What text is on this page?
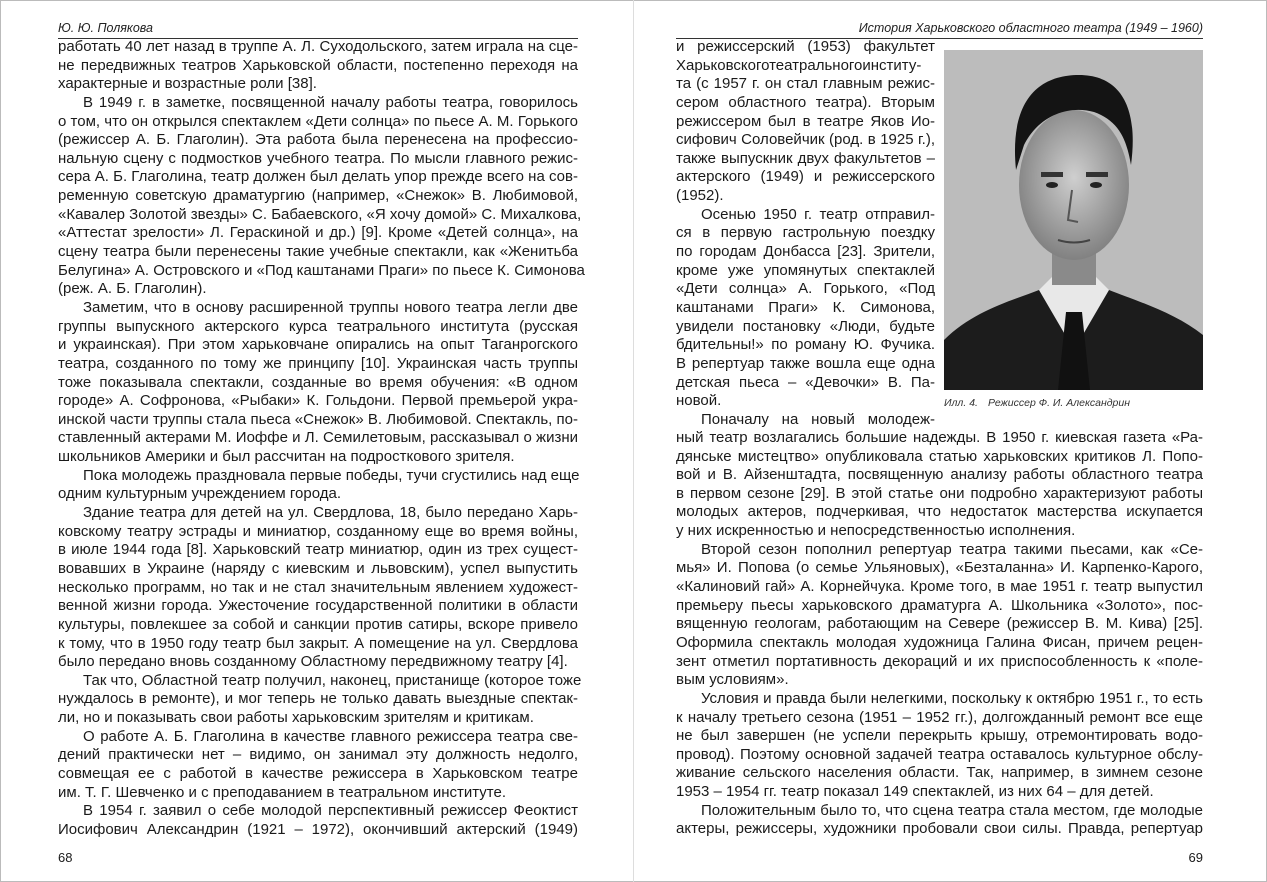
Ю. Ю. Полякова
работать 40 лет назад в труппе А. Л. Суходольского, затем играла на сце-
не передвижных театров Харьковской области, постепенно переходя на
характерные и возрастные роли [38].
В 1949 г. в заметке, посвященной началу работы театра, говорилось
о том, что он открылся спектаклем «Дети солнца» по пьесе А. М. Горького
(режиссер А. Б. Глаголин). Эта работа была перенесена на профессио-
нальную сцену с подмостков учебного театра. По мысли главного режис-
сера А. Б. Глаголина, театр должен был делать упор прежде всего на сов-
ременную советскую драматургию (например, «Снежок» В. Любимовой,
«Кавалер Золотой звезды» С. Бабаевского, «Я хочу домой» С. Михалкова,
«Аттестат зрелости» Л. Гераскиной и др.) [9]. Кроме «Детей солнца», на
сцену театра были перенесены такие учебные спектакли, как «Женитьба
Белугина» А. Островского и «Под каштанами Праги» по пьесе К. Симонова
(реж. А. Б. Глаголин).
Заметим, что в основу расширенной труппы нового театра легли две
группы выпускного актерского курса театрального института (русская
и украинская). При этом харьковчане опирались на опыт Таганрогского
театра, созданного по тому же принципу [10]. Украинская часть труппы
тоже показывала спектакли, созданные во время обучения: «В одном
городе» А. Софронова, «Рыбаки» К. Гольдони. Первой премьерой укра-
инской части труппы стала пьеса «Снежок» В. Любимовой. Спектакль, по-
ставленный актерами М. Иоффе и Л. Семилетовым, рассказывал о жизни
школьников Америки и был рассчитан на подросткового зрителя.
Пока молодежь праздновала первые победы, тучи сгустились над еще
одним культурным учреждением города.
Здание театра для детей на ул. Свердлова, 18, было передано Харь-
ковскому театру эстрады и миниатюр, созданному еще во время войны,
в июле 1944 года [8]. Харьковский театр миниатюр, один из трех сущест-
вовавших в Украине (наряду с киевским и львовским), успел выпустить
несколько программ, но так и не стал значительным явлением художест-
венной жизни города. Ужесточение государственной политики в области
культуры, повлекшее за собой и санкции против сатиры, вскоре привело
к тому, что в 1950 году театр был закрыт. А помещение на ул. Свердлова
было передано вновь созданному Областному передвижному театру [4].
Так что, Областной театр получил, наконец, пристанище (которое тоже
нуждалось в ремонте), и мог теперь не только давать выездные спектак-
ли, но и показывать свои работы харьковским зрителям и критикам.
О работе А. Б. Глаголина в качестве главного режиссера театра све-
дений практически нет – видимо, он занимал эту должность недолго,
совмещая ее с работой в качестве режиссера в Харьковском театре
им. Т. Г. Шевченко и с преподаванием в театральном институте.
В 1954 г. заявил о себе молодой перспективный режиссер Феоктист
Иосифович Александрин (1921 – 1972), окончивший актерский (1949)
68
История Харьковского областного театра (1949 – 1960)
и режиссерский (1953) факультет
Харьковскоготеатральногоинститу-
та (с 1957 г. он стал главным режис-
сером областного театра). Вторым
режиссером был в театре Яков Ио-
сифович Соловейчик (род. в 1925 г.),
также выпускник двух факультетов –
актерского (1949) и режиссерского
(1952).
Осенью 1950 г. театр отправил-
ся в первую гастрольную поездку
по городам Донбасса [23]. Зрители,
кроме уже упомянутых спектаклей
«Дети солнца» А. Горького, «Под
каштанами Праги» К. Симонова,
увидели постановку «Люди, будьте
бдительны!» по роману Ю. Фучика.
В репертуар также вошла еще одна
детская пьеса – «Девочки» В. Па-
новой.
Поначалу на новый молодеж-
ный театр возлагались большие надежды. В 1950 г. киевская газета «Ра-
дянське мистецтво» опубликовала статью харьковских критиков Л. Попо-
вой и В. Айзенштадта, посвященную анализу работы областного театра
в первом сезоне [29]. В этой статье они подробно характеризуют работы
молодых актеров, подчеркивая, что недостаток мастерства искупается
у них искренностью и непосредственностью исполнения.
Второй сезон пополнил репертуар театра такими пьесами, как «Се-
мья» И. Попова (о семье Ульяновых), «Безталанна» И. Карпенко-Карого,
«Калиновий гай» А. Корнейчука. Кроме того, в мае 1951 г. театр выпустил
премьеру пьесы харьковского драматурга А. Школьника «Золото», пос-
вященную геологам, работающим на Севере (режиссер В. М. Кива) [25].
Оформила спектакль молодая художница Галина Фисан, причем рецен-
зент отметил портативность декораций и их приспособленность к «поле-
вым условиям».
Условия и правда были нелегкими, поскольку к октябрю 1951 г., то есть
к началу третьего сезона (1951 – 1952 гг.), долгожданный ремонт все еще
не был завершен (не успели перекрыть крышу, отремонтировать водо-
провод). Поэтому основной задачей театра оставалось культурное обслу-
живание сельского населения области. Так, например, в зимнем сезоне
1953 – 1954 гг. театр показал 149 спектаклей, из них 64 – для детей.
Положительным было то, что сцена театра стала местом, где молодые
актеры, режиссеры, художники пробовали свои силы. Правда, репертуар
Илл. 4. Режиссер Ф. И. Александрин
69
